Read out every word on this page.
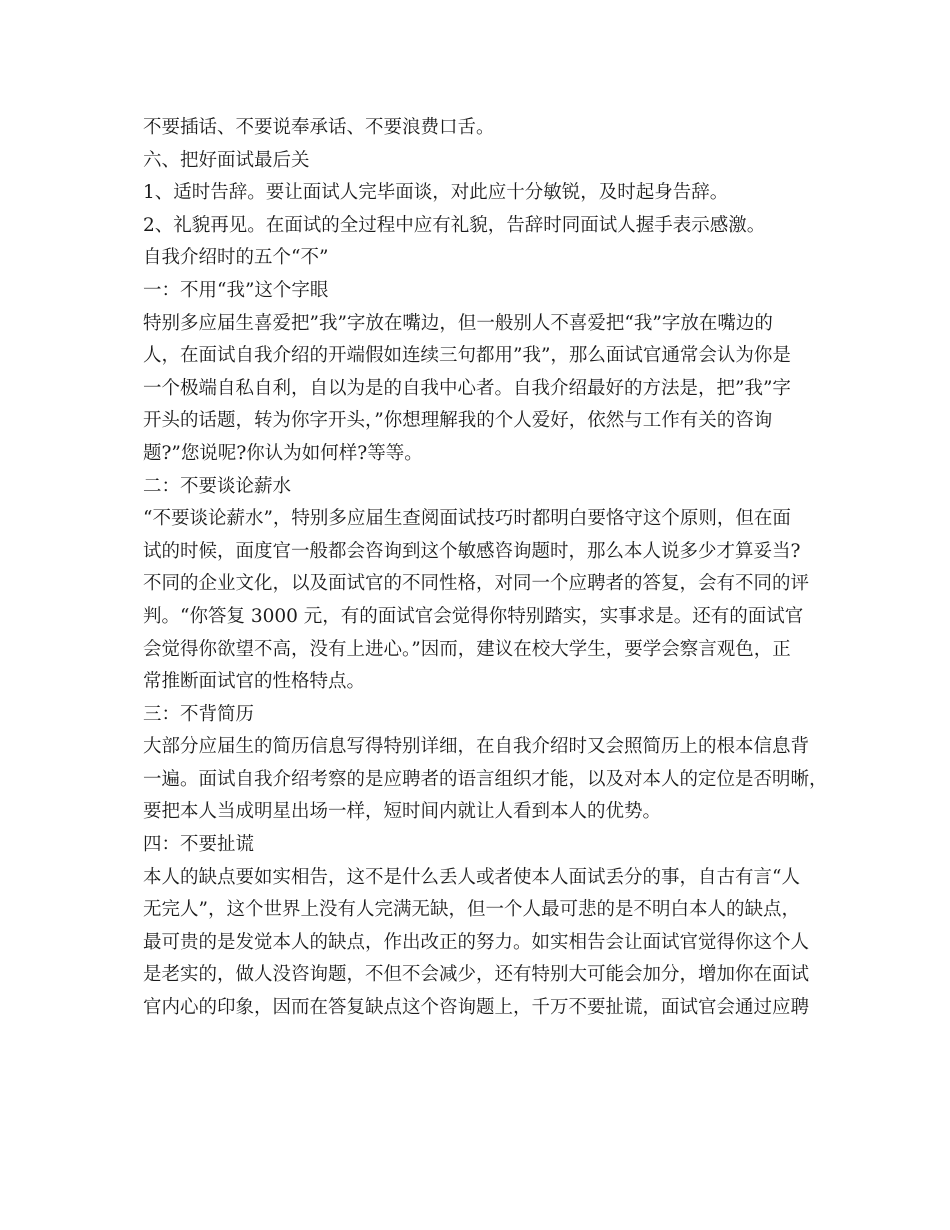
不要插话、不要说奉承话、不要浪费口舌。
六、把好面试最后关
1、适时告辞。要让面试人完毕面谈，对此应十分敏锐，及时起身告辞。
2、礼貌再见。在面试的全过程中应有礼貌，告辞时同面试人握手表示感激。
自我介绍时的五个“不”
一：不用“我”这个字眼
特别多应届生喜爱把”我”字放在嘴边，但一般别人不喜爱把“我”字放在嘴边的
人，在面试自我介绍的开端假如连续三句都用”我”，那么面试官通常会认为你是
一个极端自私自利，自以为是的自我中心者。自我介绍最好的方法是，把”我”字
开头的话题，转为你字开头，”你想理解我的个人爱好，依然与工作有关的咨询
题?”您说呢?你认为如何样?等等。
二：不要谈论薪水
“不要谈论薪水”，特别多应届生查阅面试技巧时都明白要恪守这个原则，但在面
试的时候，面度官一般都会咨询到这个敏感咨询题时，那么本人说多少才算妥当?
不同的企业文化，以及面试官的不同性格，对同一个应聘者的答复，会有不同的评
判。“你答复 3000 元，有的面试官会觉得你特别踏实，实事求是。还有的面试官
会觉得你欲望不高，没有上进心。”因而，建议在校大学生，要学会察言观色，正
常推断面试官的性格特点。
三：不背简历
大部分应届生的简历信息写得特别详细，在自我介绍时又会照简历上的根本信息背
一遍。面试自我介绍考察的是应聘者的语言组织才能，以及对本人的定位是否明晰，
要把本人当成明星出场一样，短时间内就让人看到本人的优势。
四：不要扯谎
本人的缺点要如实相告，这不是什么丢人或者使本人面试丢分的事，自古有言“人
无完人”，这个世界上没有人完满无缺，但一个人最可悲的是不明白本人的缺点，
最可贵的是发觉本人的缺点，作出改正的努力。如实相告会让面试官觉得你这个人
是老实的，做人没咨询题，不但不会减少，还有特别大可能会加分，增加你在面试
官内心的印象，因而在答复缺点这个咨询题上，千万不要扯谎，面试官会通过应聘
